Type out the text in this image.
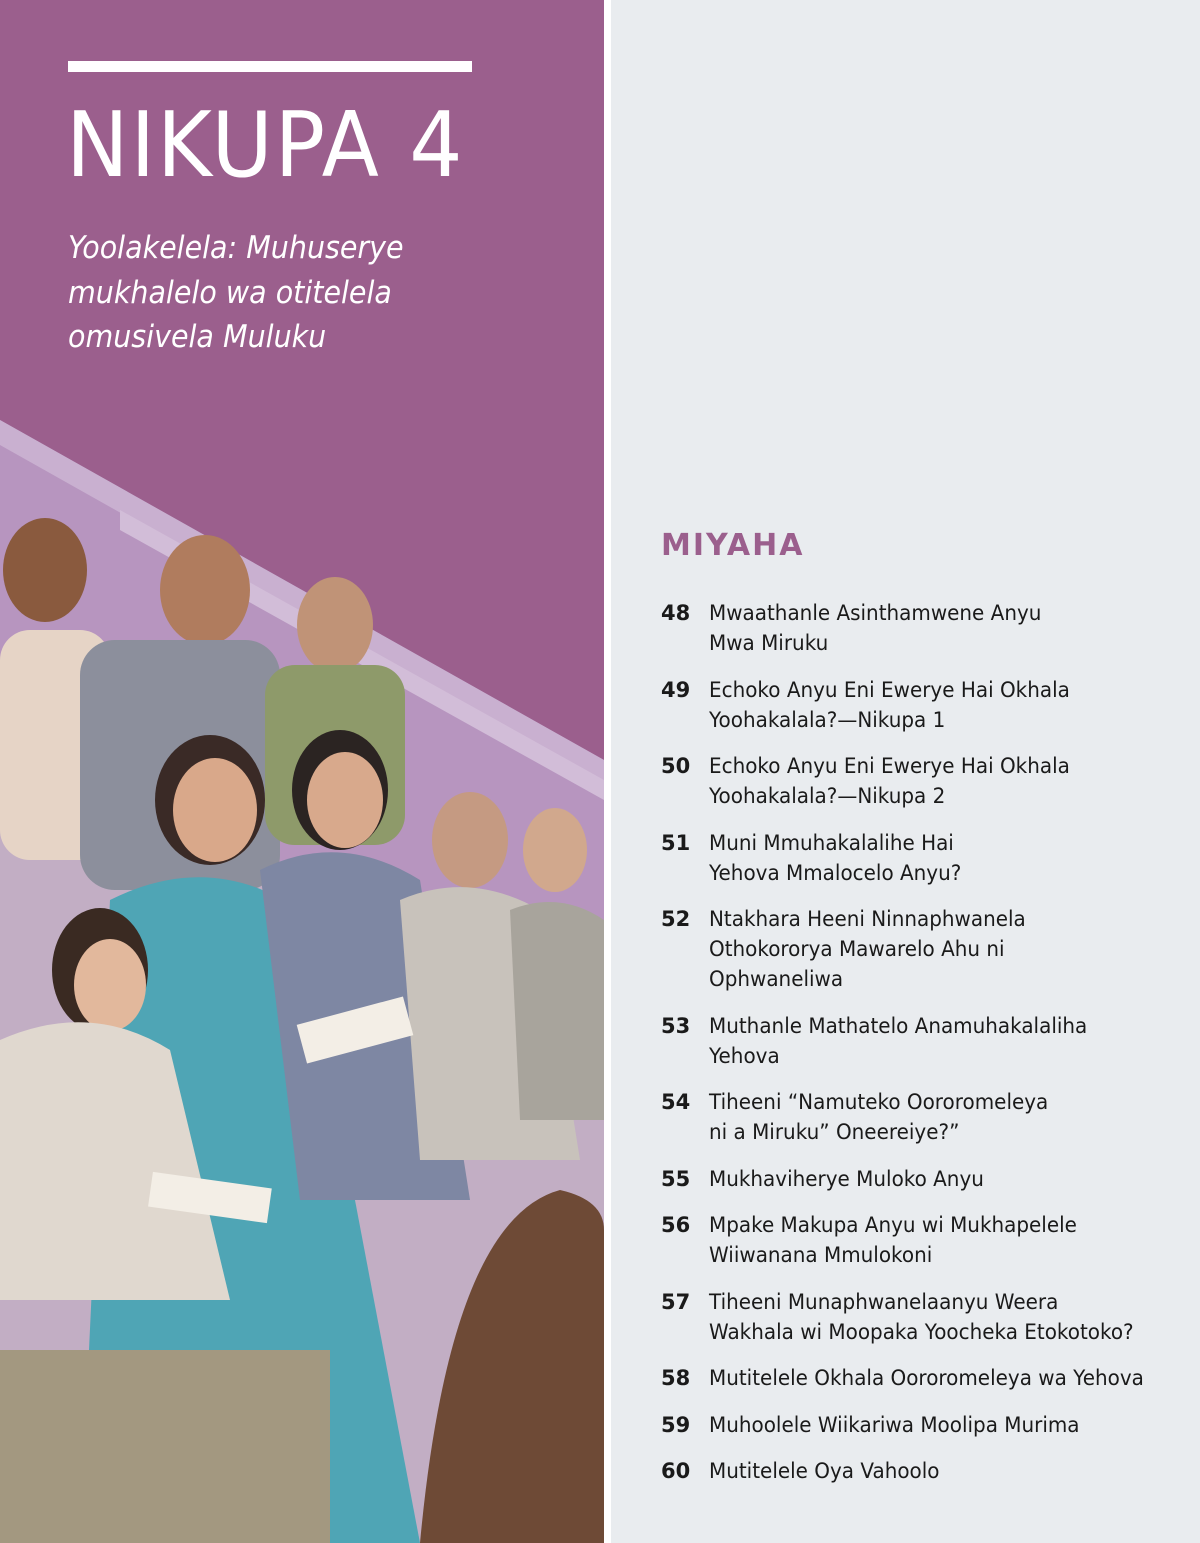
NIKUPA 4
Yoolakelela: Muhuserye
mukhalelo wa otitelela
omusivela Muluku
MIYAHA
48 Mwaathanle Asinthamwene Anyu
Mwa Miruku
49 Echoko Anyu Eni Ewerye Hai Okhala
Yoohakalala?—Nikupa 1
50 Echoko Anyu Eni Ewerye Hai Okhala
Yoohakalala?—Nikupa 2
51 Muni Mmuhakalalihe Hai
Yehova Mmalocelo Anyu?
52 Ntakhara Heeni Ninnaphwanela
Othokororya Mawarelo Ahu ni
Ophwaneliwa
53 Muthanle Mathatelo Anamuhakalaliha
Yehova
54 Tiheeni “Namuteko Oororomeleya
ni a Miruku” Oneereiye?”
55 Mukhaviherye Muloko Anyu
56 Mpake Makupa Anyu wi Mukhapelele
Wiiwanana Mmulokoni
57 Tiheeni Munaphwanelaanyu Weera
Wakhala wi Moopaka Yoocheka Etokotoko?
58 Mutitelele Okhala Oororomeleya wa Yehova
59 Muhoolele Wiikariwa Moolipa Murima
60 Mutitelele Oya Vahoolo
